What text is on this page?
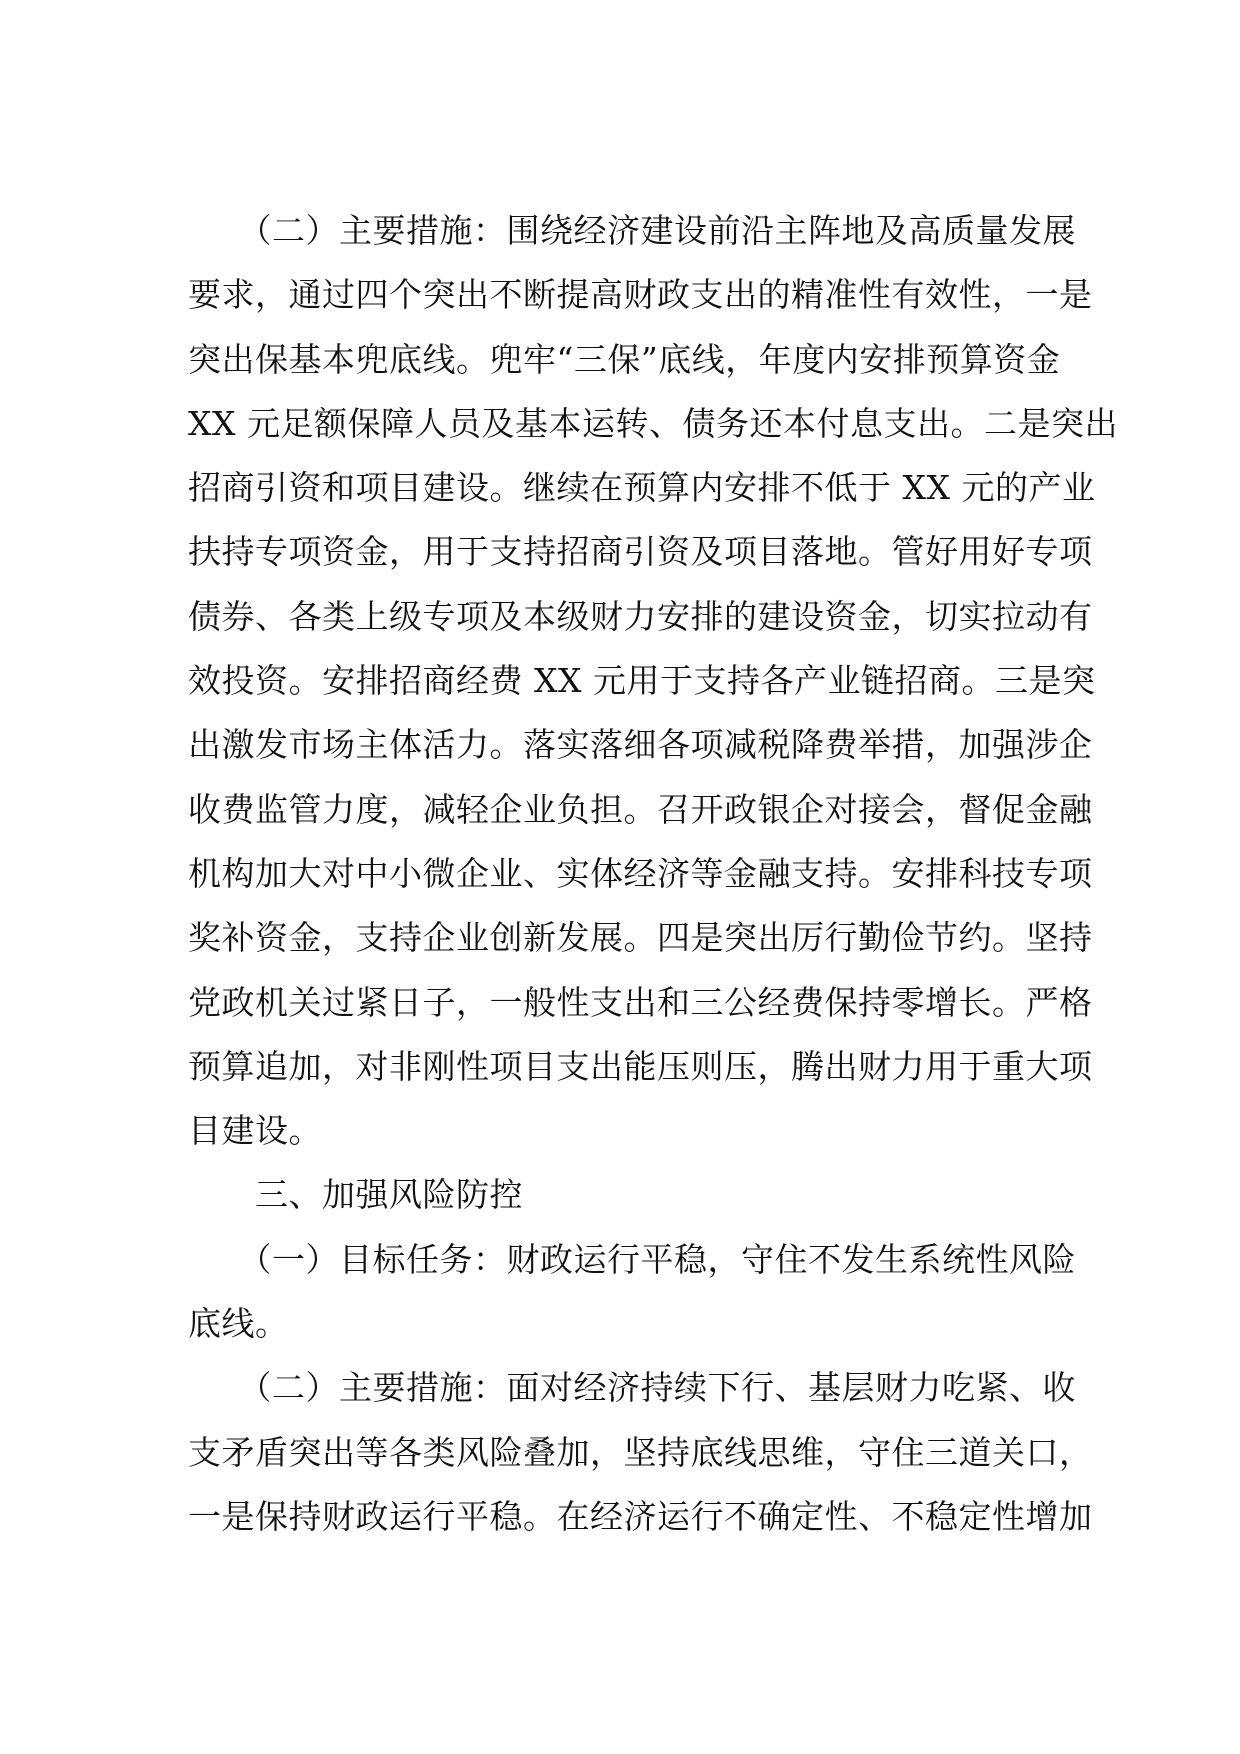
　　（二）主要措施：围绕经济建设前沿主阵地及高质量发展
要求，通过四个突出不断提高财政支出的精准性有效性，一是
突出保基本兜底线。兜牢“三保”底线，年度内安排预算资金
XX 元足额保障人员及基本运转、债务还本付息支出。二是突出
招商引资和项目建设。继续在预算内安排不低于 XX 元的产业
扶持专项资金，用于支持招商引资及项目落地。管好用好专项
债券、各类上级专项及本级财力安排的建设资金，切实拉动有
效投资。安排招商经费 XX 元用于支持各产业链招商。三是突
出激发市场主体活力。落实落细各项减税降费举措，加强涉企
收费监管力度，减轻企业负担。召开政银企对接会，督促金融
机构加大对中小微企业、实体经济等金融支持。安排科技专项
奖补资金，支持企业创新发展。四是突出厉行勤俭节约。坚持
党政机关过紧日子，一般性支出和三公经费保持零增长。严格
预算追加，对非刚性项目支出能压则压，腾出财力用于重大项
目建设。
　　三、加强风险防控
　　（一）目标任务：财政运行平稳，守住不发生系统性风险
底线。
　　（二）主要措施：面对经济持续下行、基层财力吃紧、收
支矛盾突出等各类风险叠加，坚持底线思维，守住三道关口，
一是保持财政运行平稳。在经济运行不确定性、不稳定性增加
